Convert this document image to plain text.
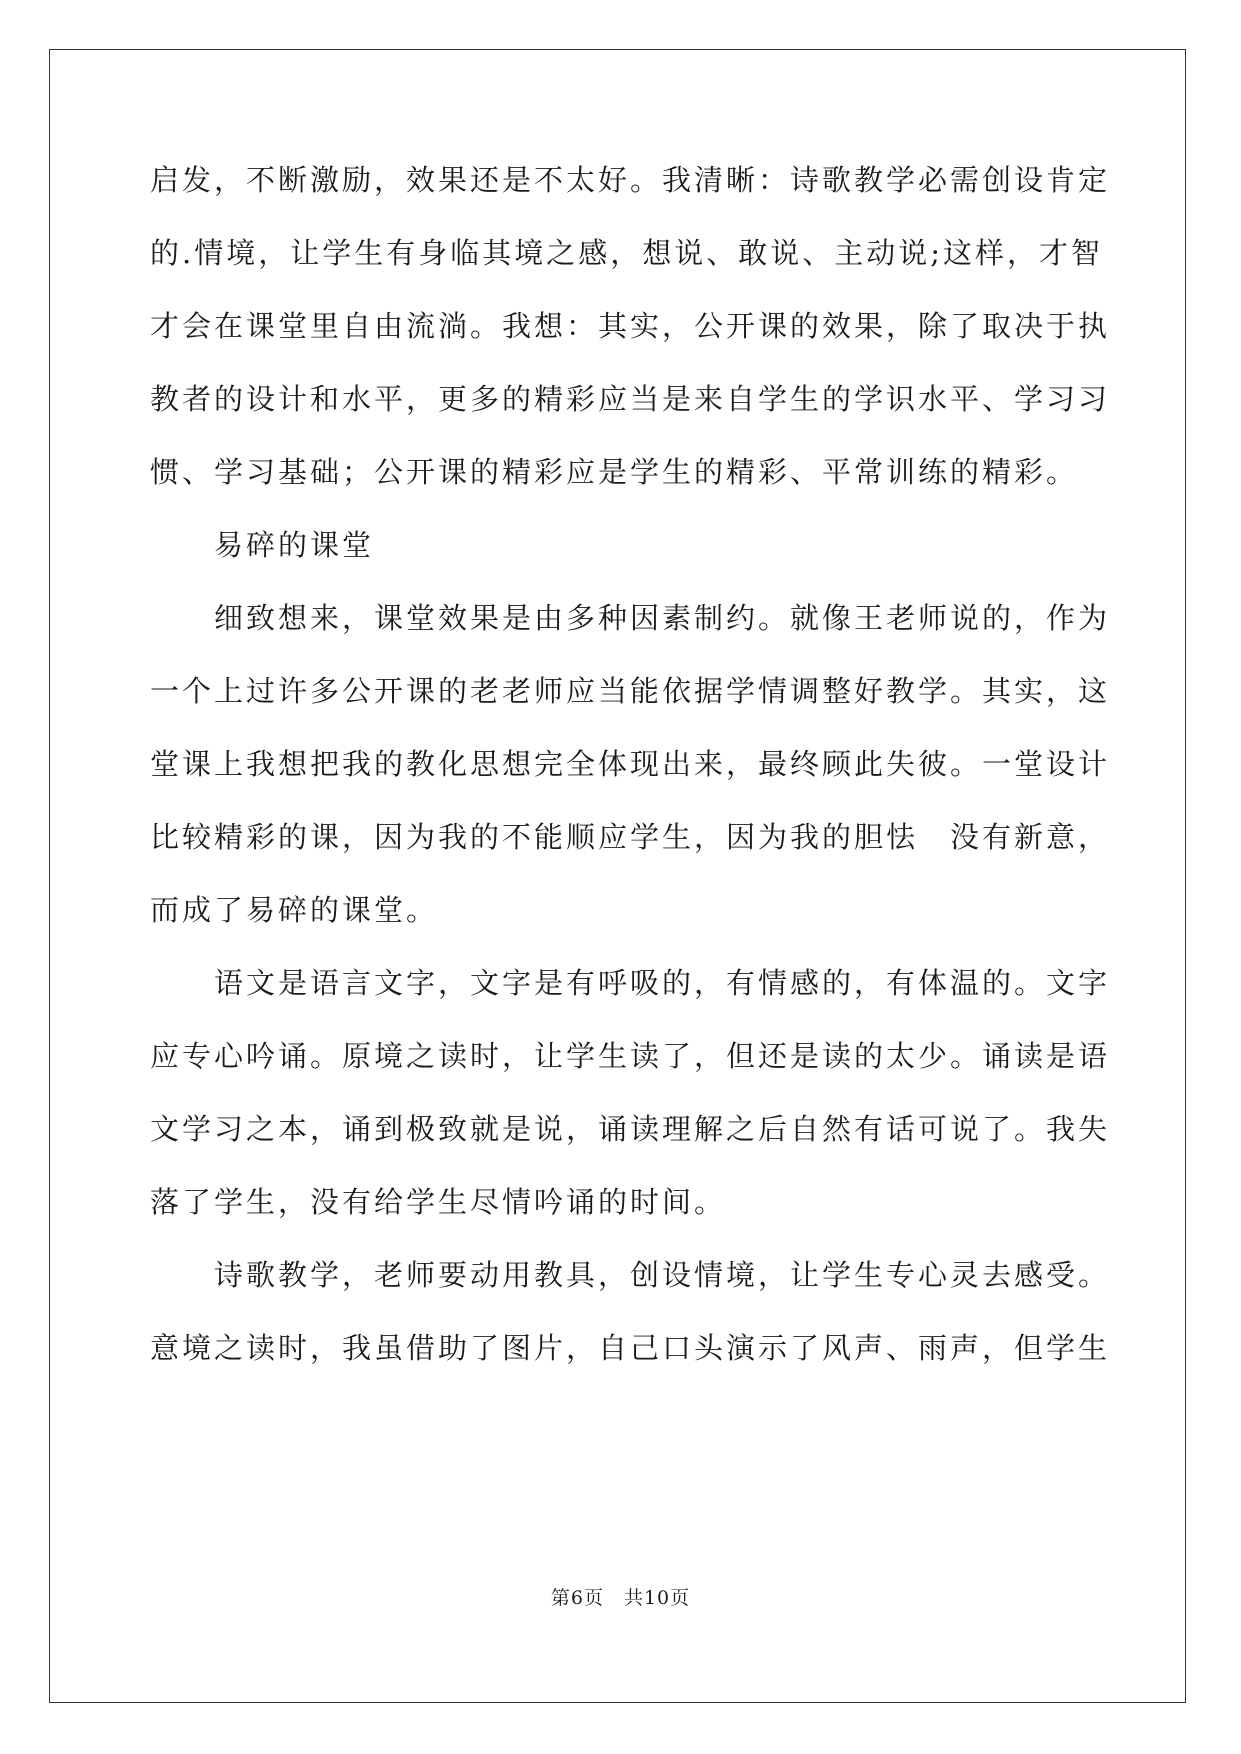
启发，不断激励，效果还是不太好。我清晰：诗歌教学必需创设肯定
的.情境，让学生有身临其境之感，想说、敢说、主动说;这样，才智
才会在课堂里自由流淌。我想：其实，公开课的效果，除了取决于执
教者的设计和水平，更多的精彩应当是来自学生的学识水平、学习习
惯、学习基础；公开课的精彩应是学生的精彩、平常训练的精彩。
易碎的课堂
细致想来，课堂效果是由多种因素制约。就像王老师说的，作为
一个上过许多公开课的老老师应当能依据学情调整好教学。其实，这
堂课上我想把我的教化思想完全体现出来，最终顾此失彼。一堂设计
比较精彩的课，因为我的不能顺应学生，因为我的胆怯　没有新意，
而成了易碎的课堂。
语文是语言文字，文字是有呼吸的，有情感的，有体温的。文字
应专心吟诵。原境之读时，让学生读了，但还是读的太少。诵读是语
文学习之本，诵到极致就是说，诵读理解之后自然有话可说了。我失
落了学生，没有给学生尽情吟诵的时间。
诗歌教学，老师要动用教具，创设情境，让学生专心灵去感受。
意境之读时，我虽借助了图片，自己口头演示了风声、雨声，但学生
第6页　共10页
